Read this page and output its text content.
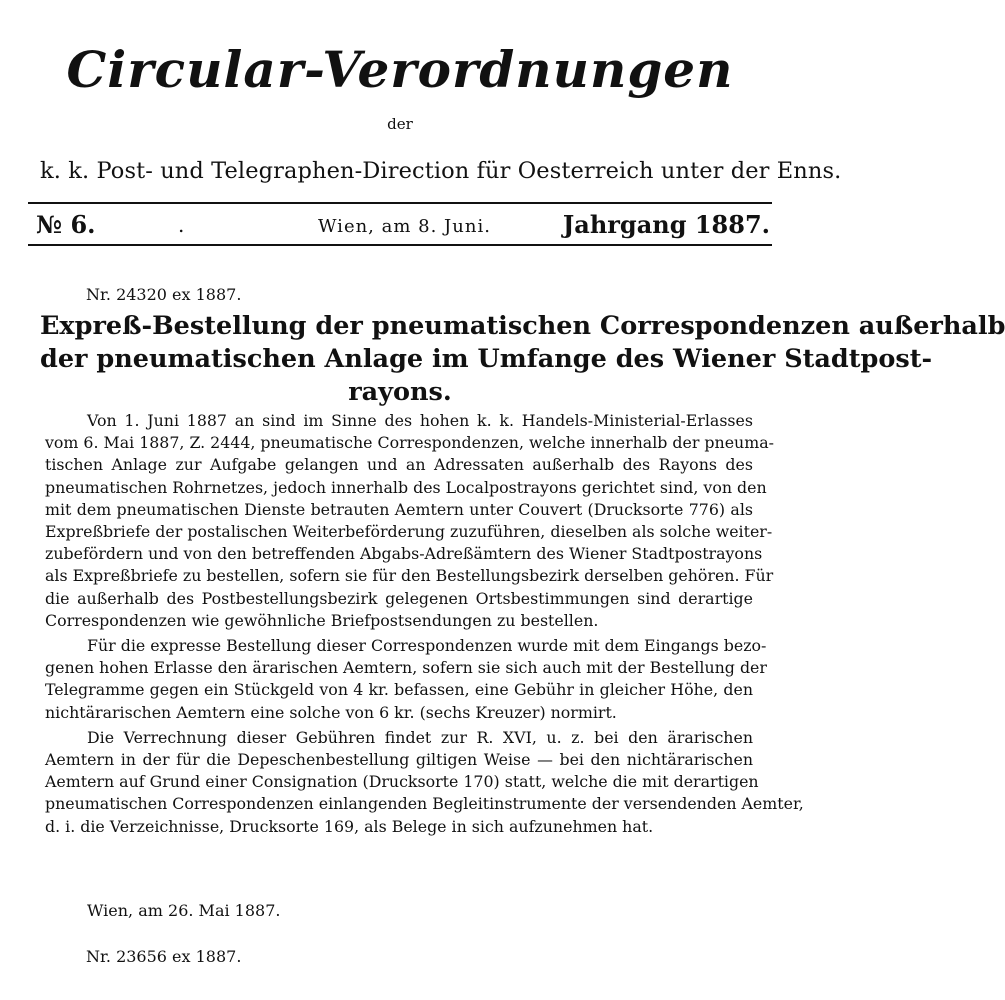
Circular-Verordnungen
der
k. k. Post- und Telegraphen-Direction für Oesterreich unter der Enns.
№ 6.	.	Wien, am 8. Juni.	Jahrgang 1887.
Nr. 24320 ex 1887.
Expreß-Bestellung der pneumatischen Correspondenzen außerhalb
der pneumatischen Anlage im Umfange des Wiener Stadtpost-
rayons.
Von 1. Juni 1887 an sind im Sinne des hohen k. k. Handels-Ministerial-Erlasses
vom 6. Mai 1887, Z. 2444, pneumatische Correspondenzen, welche innerhalb der pneuma-
tischen Anlage zur Aufgabe gelangen und an Adressaten außerhalb des Rayons des
pneumatischen Rohrnetzes, jedoch innerhalb des Localpostrayons gerichtet sind, von den
mit dem pneumatischen Dienste betrauten Aemtern unter Couvert (Drucksorte 776) als
Expreßbriefe der postalischen Weiterbeförderung zuzuführen, dieselben als solche weiter-
zubefördern und von den betreffenden Abgabs-Adreßämtern des Wiener Stadtpostrayons
als Expreßbriefe zu bestellen, sofern sie für den Bestellungsbezirk derselben gehören. Für
die außerhalb des Postbestellungsbezirk gelegenen Ortsbestimmungen sind derartige
Correspondenzen wie gewöhnliche Briefpostsendungen zu bestellen.
Für die expresse Bestellung dieser Correspondenzen wurde mit dem Eingangs bezo-
genen hohen Erlasse den ärarischen Aemtern, sofern sie sich auch mit der Bestellung der
Telegramme gegen ein Stückgeld von 4 kr. befassen, eine Gebühr in gleicher Höhe, den
nichtärarischen Aemtern eine solche von 6 kr. (sechs Kreuzer) normirt.
Die Verrechnung dieser Gebühren findet zur R. XVI, u. z. bei den ärarischen
Aemtern in der für die Depeschenbestellung giltigen Weise — bei den nichtärarischen
Aemtern auf Grund einer Consignation (Drucksorte 170) statt, welche die mit derartigen
pneumatischen Correspondenzen einlangenden Begleitinstrumente der versendenden Aemter,
d. i. die Verzeichnisse, Drucksorte 169, als Belege in sich aufzunehmen hat.
Wien, am 26. Mai 1887.
Nr. 23656 ex 1887.
